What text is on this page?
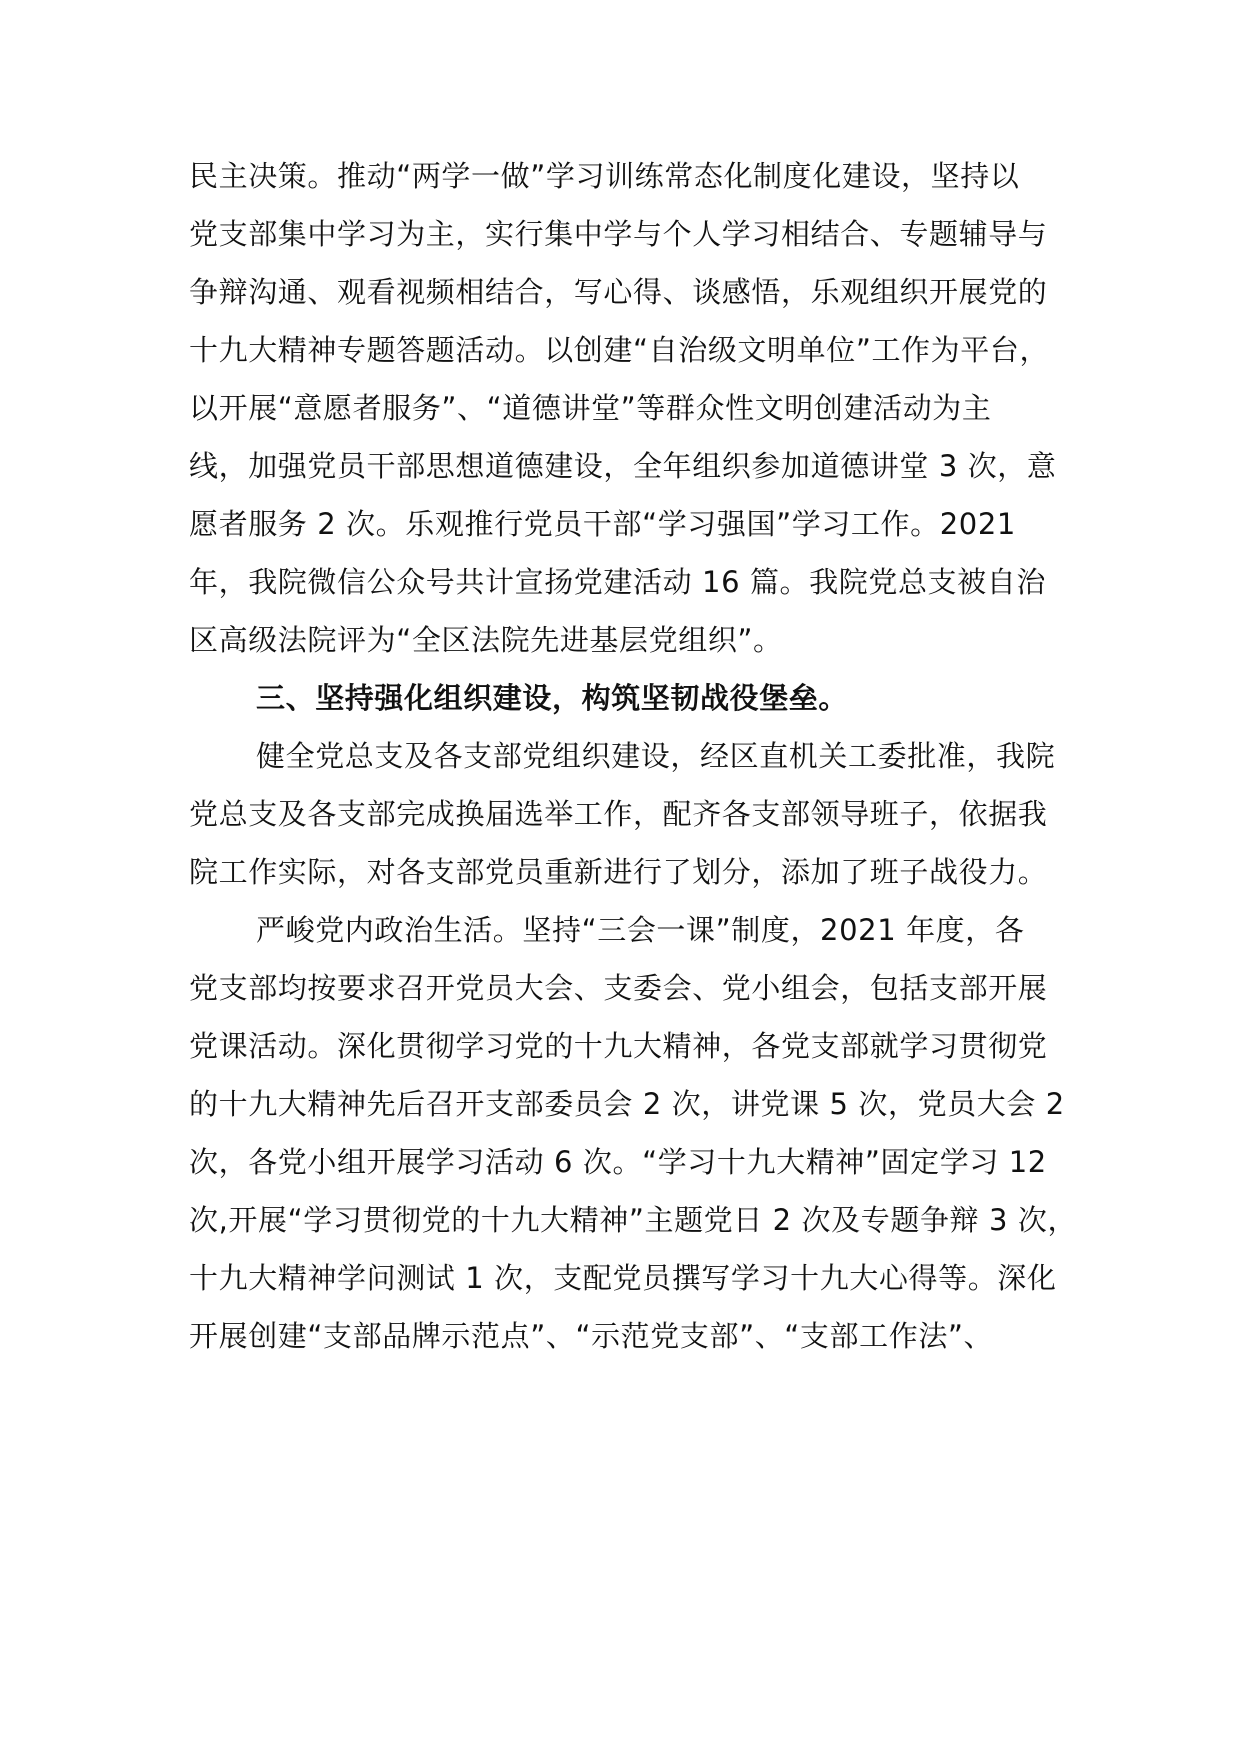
民主决策。推动“两学一做”学习训练常态化制度化建设，坚持以
党支部集中学习为主，实行集中学与个人学习相结合、专题辅导与
争辩沟通、观看视频相结合，写心得、谈感悟，乐观组织开展党的
十九大精神专题答题活动。以创建“自治级文明单位”工作为平台，
以开展“意愿者服务”、“道德讲堂”等群众性文明创建活动为主
线，加强党员干部思想道德建设，全年组织参加道德讲堂 3 次，意
愿者服务 2 次。乐观推行党员干部“学习强国”学习工作。2021
年，我院微信公众号共计宣扬党建活动 16 篇。我院党总支被自治
区高级法院评为“全区法院先进基层党组织”。
三、坚持强化组织建设，构筑坚韧战役堡垒。
健全党总支及各支部党组织建设，经区直机关工委批准，我院
党总支及各支部完成换届选举工作，配齐各支部领导班子，依据我
院工作实际，对各支部党员重新进行了划分，添加了班子战役力。
严峻党内政治生活。坚持“三会一课”制度，2021 年度，各
党支部均按要求召开党员大会、支委会、党小组会，包括支部开展
党课活动。深化贯彻学习党的十九大精神，各党支部就学习贯彻党
的十九大精神先后召开支部委员会 2 次，讲党课 5 次，党员大会 2
次，各党小组开展学习活动 6 次。“学习十九大精神”固定学习 12
次,开展“学习贯彻党的十九大精神”主题党日 2 次及专题争辩 3 次，
十九大精神学问测试 1 次，支配党员撰写学习十九大心得等。深化
开展创建“支部品牌示范点”、“示范党支部”、“支部工作法”、
